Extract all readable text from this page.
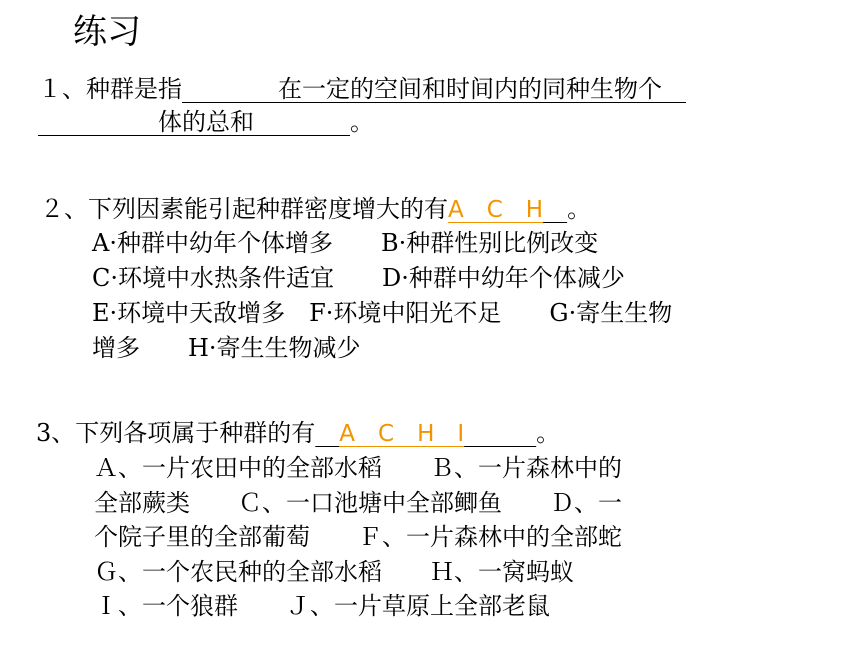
练习
１、种群是指　　　　	在一定的空间和时间内的同种生物个　
　　　　　体的总和　　　　	。
２、下列因素能引起种群密度增大的有A　C　H　 。
A·种群中幼年个体增多　　B·种群性别比例改变
C·环境中水热条件适宜　　D·种群中幼年个体减少
E·环境中天敌增多　F·环境中阳光不足　　G·寄生生物
增多　　H·寄生生物减少
3、下列各项属于种群的有　 A　C　H　I　　　	。
Ａ、一片农田中的全部水稻　　Ｂ、一片森林中的
全部蕨类　　Ｃ、一口池塘中全部鲫鱼　　Ｄ、一
个院子里的全部葡萄　　Ｆ、一片森林中的全部蛇
Ｇ、一个农民种的全部水稻　　Ｈ、一窝蚂蚁
Ｉ、一个狼群　　Ｊ、一片草原上全部老鼠
